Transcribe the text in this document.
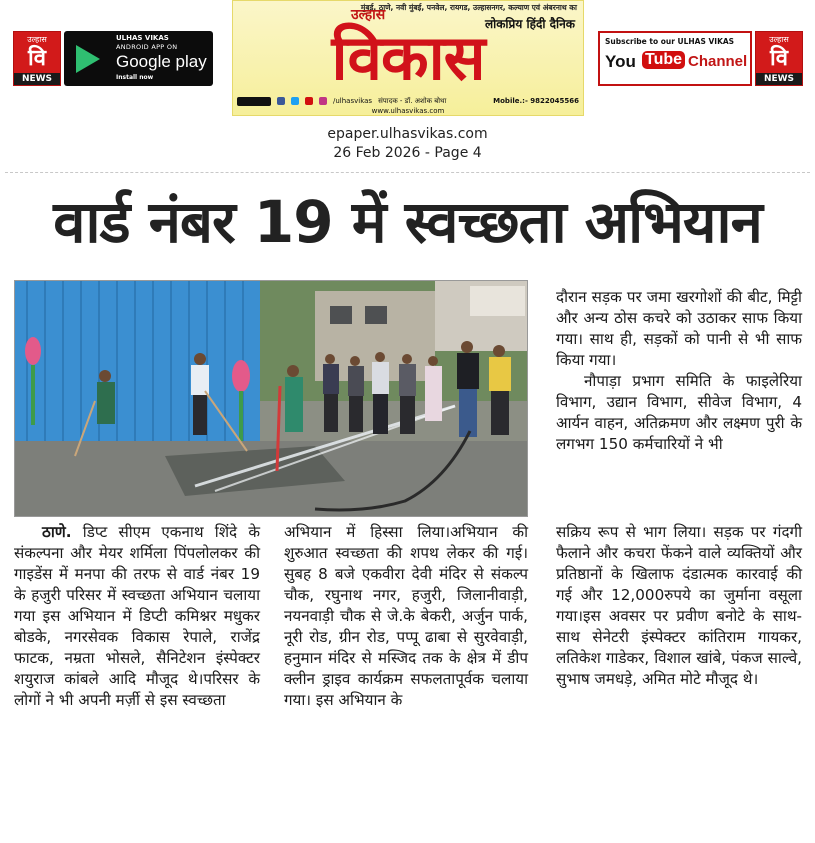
उल्हास
वि
NEWS
ULHAS VIKAS
ANDROID APP ON
Google play
Install now
मुंबई, ठाणे, नवी मुंबई, पनवेल, रायगड, उल्हासनगर, कल्याण एवं अंबरनाथ का
उल्हास
लोकप्रिय हिंदी दैनिक
विकास
/ulhasvikas संपादक - डॉ. अशोक बोथा	Mobile.:- 9822045566
www.ulhasvikas.com
Subscribe to our ULHAS VIKAS
You Tube Channel
उल्हास
वि
NEWS
epaper.ulhasvikas.com
26 Feb 2026 - Page 4
वार्ड नंबर 19 में स्वच्छता अभियान

दौरान सड़क पर जमा खरगोशों की बीट, मिट्टी और अन्य ठोस कचरे को उठाकर साफ किया गया। साथ ही, सड़कों को पानी से भी साफ किया गया।

नौपाड़ा प्रभाग समिति के फाइलेरिया विभाग, उद्यान विभाग, सीवेज विभाग, 4 आर्यन वाहन, अतिक्रमण और लक्ष्मण पुरी के लगभग 150 कर्मचारियों ने भी

ठाणे. डिप्ट सीएम एकनाथ शिंदे के संकल्पना और मेयर शर्मिला पिंपलोलकर की गाइडेंस में मनपा की तरफ से वार्ड नंबर 19 के हजुरी परिसर में स्वच्छता अभियान चलाया गया इस अभियान में डिप्टी कमिश्नर मधुकर बोडके, नगरसेवक विकास रेपाले, राजेंद्र फाटक, नम्रता भोसले, सैनिटेशन इंस्पेक्टर शयुराज कांबले आदि मौजूद थे।परिसर के लोगों ने भी अपनी मर्ज़ी से इस स्वच्छता

अभियान में हिस्सा लिया।अभियान की शुरुआत स्वच्छता की शपथ लेकर की गई। सुबह 8 बजे एकवीरा देवी मंदिर से संकल्प चौक, रघुनाथ नगर, हजुरी, जिलानीवाड़ी, नयनवाड़ी चौक से जे.के बेकरी, अर्जुन पार्क, नूरी रोड, ग्रीन रोड, पप्पू ढाबा से सुरवेवाड़ी, हनुमान मंदिर से मस्जिद तक के क्षेत्र में डीप क्लीन ड्राइव कार्यक्रम सफलतापूर्वक चलाया गया। इस अभियान के

सक्रिय रूप से भाग लिया। सड़क पर गंदगी फैलाने और कचरा फेंकने वाले व्यक्तियों और प्रतिष्ठानों के खिलाफ दंडात्मक कारवाई की गई और 12,000रुपये का जुर्माना वसूला गया।इस अवसर पर प्रवीण बनोटे के साथ-साथ सेनेटरी इंस्पेक्टर कांतिराम गायकर, लतिकेश गाडेकर, विशाल खांबे, पंकज साल्वे, सुभाष जमधड़े, अमित मोटे मौजूद थे।
